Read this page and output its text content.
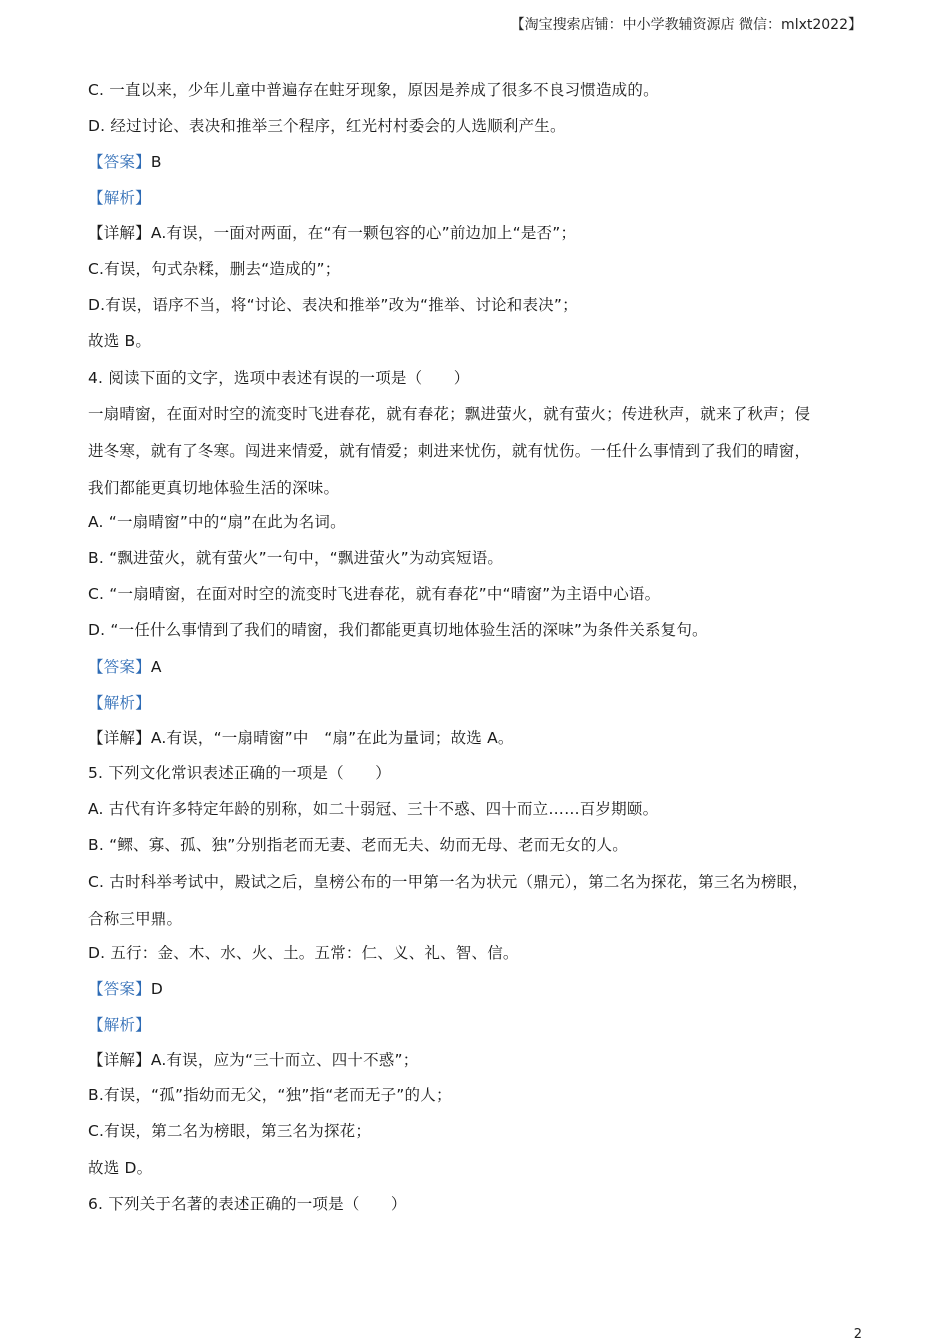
【淘宝搜索店铺：中小学教辅资源店 微信：mlxt2022】
C. 一直以来，少年儿童中普遍存在蛀牙现象，原因是养成了很多不良习惯造成的。
D. 经过讨论、表决和推举三个程序，红光村村委会的人选顺利产生。
【答案】B
【解析】
【详解】A.有误，一面对两面，在“有一颗包容的心”前边加上“是否”；
C.有误，句式杂糅，删去“造成的”；
D.有误，语序不当，将“讨论、表决和推举”改为“推举、讨论和表决”；
故选 B。
4. 阅读下面的文字，选项中表述有误的一项是（　　）
一扇晴窗，在面对时空的流变时飞进春花，就有春花；飘进萤火，就有萤火；传进秋声，就来了秋声；侵
进冬寒，就有了冬寒。闯进来情爱，就有情爱；刺进来忧伤，就有忧伤。一任什么事情到了我们的晴窗，
我们都能更真切地体验生活的深味。
A. “一扇晴窗”中的“扇”在此为名词。
B. “飘进萤火，就有萤火”一句中，“飘进萤火”为动宾短语。
C. “一扇晴窗，在面对时空的流变时飞进春花，就有春花”中“晴窗”为主语中心语。
D. “一任什么事情到了我们的晴窗，我们都能更真切地体验生活的深味”为条件关系复句。
【答案】A
【解析】
【详解】A.有误，“一扇晴窗”中　“扇”在此为量词；故选 A。
5. 下列文化常识表述正确的一项是（　　）
A. 古代有许多特定年龄的别称，如二十弱冠、三十不惑、四十而立……百岁期颐。
B. “鳏、寡、孤、独”分别指老而无妻、老而无夫、幼而无母、老而无女的人。
C. 古时科举考试中，殿试之后，皇榜公布的一甲第一名为状元（鼎元），第二名为探花，第三名为榜眼，
合称三甲鼎。
D. 五行：金、木、水、火、土。五常：仁、义、礼、智、信。
【答案】D
【解析】
【详解】A.有误，应为“三十而立、四十不惑”；
B.有误，“孤”指幼而无父，“独”指“老而无子”的人；
C.有误，第二名为榜眼，第三名为探花；
故选 D。
6. 下列关于名著的表述正确的一项是（　　）
2
